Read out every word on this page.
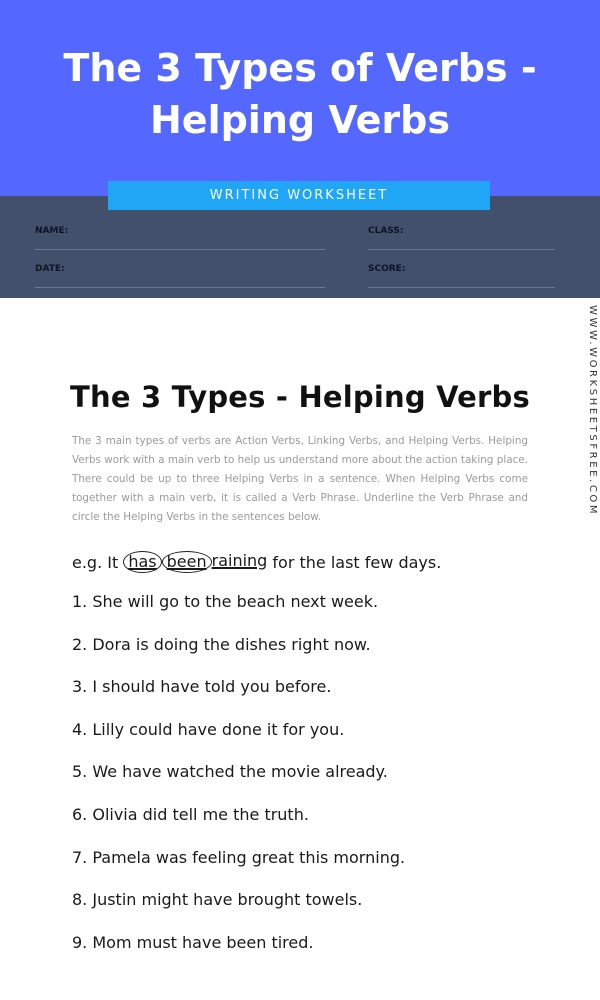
The 3 Types of Verbs - Helping Verbs
WRITING WORKSHEET
NAME:	CLASS:
DATE:	SCORE:
WWW.WORKSHEETSFREE.COM
The 3 Types - Helping Verbs

The 3 main types of verbs are Action Verbs, Linking Verbs, and Helping Verbs. Helping Verbs work with a main verb to help us understand more about the action taking place. There could be up to three Helping Verbs in a sentence. When Helping Verbs come together with a main verb, it is called a Verb Phrase. Underline the Verb Phrase and circle the Helping Verbs in the sentences below.

e.g. It has been raining for the last few days.
1. She will go to the beach next week.
2. Dora is doing the dishes right now.
3. I should have told you before.
4. Lilly could have done it for you.
5. We have watched the movie already.
6. Olivia did tell me the truth.
7. Pamela was feeling great this morning.
8. Justin might have brought towels.
9. Mom must have been tired.
